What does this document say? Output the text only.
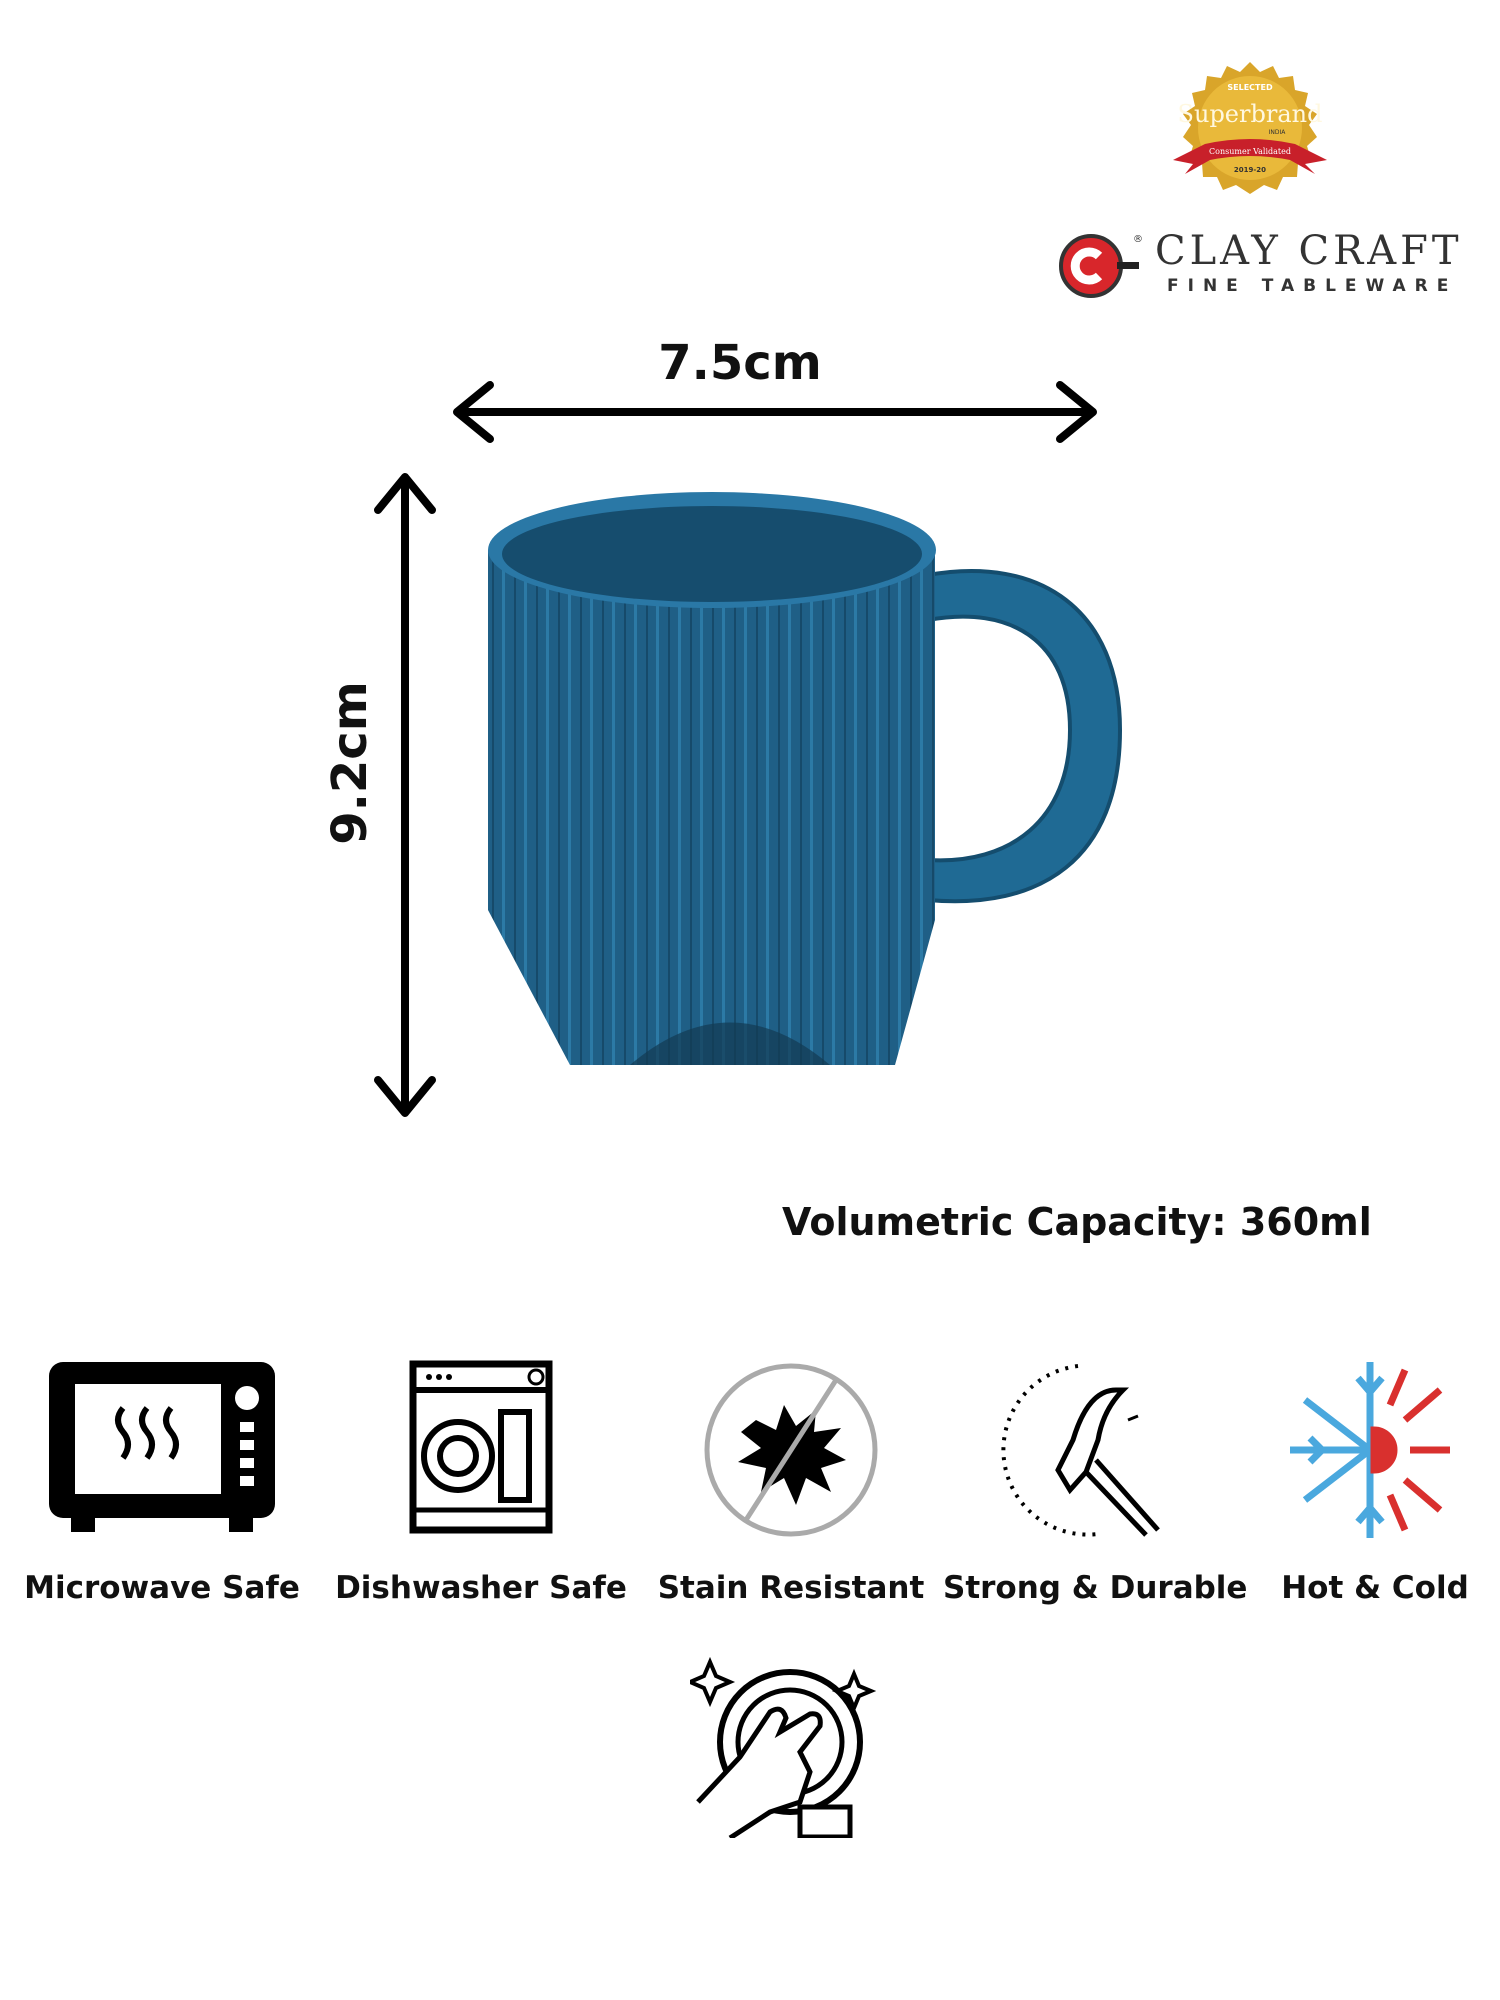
SELECTED
Superbrand
INDIA
Consumer Validated
2019-20
® CLAY CRAFT
FINE TABLEWARE
7.5cm
9.2cm
Volumetric Capacity: 360ml
Microwave Safe	Dishwasher Safe Stain Resistant Strong & Durable	Hot & Cold
